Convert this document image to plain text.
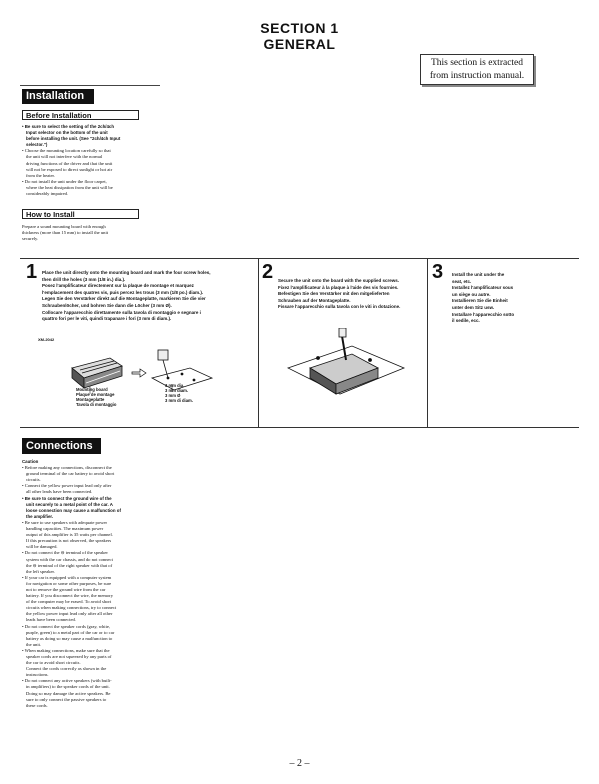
SECTION 1
GENERAL
This section is extracted
from instruction manual.
Installation
Before Installation

• Be sure to select the setting of the 2ch/4ch

Input selector on the bottom of the unit

before installing the unit. (See "2ch/4ch Input

selector.")

• Choose the mounting location carefully so that

the unit will not interfere with the normal

driving functions of the driver and that the unit

will not be exposed to direct sunlight or hot air

from the heater.

• Do not install the unit under the floor carpet,

where the heat dissipation from the unit will be

considerably impaired.

How to Install

Prepare a sound mounting board with enough

thickness (more than 15 mm) to install the unit

securely.

1 Place the unit directly onto the mounting board and mark the four screw holes,

then drill the holes (3 mm (1/8 in.) dia.).

Posez l'amplificateur directement sur la plaque de montage et marquez

l'emplacement des quatres vis, puis percez les trous (3 mm (1/8 po.) diam.).

Legen Sie den Verstärker direkt auf die Montageplatte, markieren Sie die vier

Schraubenlöcher, und bohren Sie dann die Löcher (3 mm Ø).

Collocare l'apparecchio direttamente sulla tavola di montaggio e segnare i

quattro fori per le viti, quindi trapanare i fori (3 mm di diam.).

XM-2042
Mounting board
Plaque de montage
Montageplatte
Tavola di montaggio
3 mm dia.
3 mm diam.
3 mm Ø
3 mm di diam.
2 Secure the unit onto the board with the supplied screws.

Fixez l'amplificateur à la plaque à l'aide des vis fournies.

Befestigen Sie den Verstärker mit den mitgelieferten

Schrauben auf der Montageplatte.

Fissare l'apparecchio sulla tavola con le viti in dotazione.

3 Install the unit under the

seat, etc.

Installez l'amplificateur sous

un siège ou autre.

Installieren Sie die Einheit

unter dem Sitz usw.

Installare l'apparecchio sotto

il sedile, ecc.

Connections

Caution

• Before making any connections, disconnect the

ground terminal of the car battery to avoid short

circuits.

• Connect the yellow power input lead only after

all other leads have been connected.

• Be sure to connect the ground wire of the

unit securely to a metal point of the car. A

loose connection may cause a malfunction of

the amplifier.

• Be sure to use speakers with adequate power

handling capacities. The maximum power

output of this amplifier is 35 watts per channel.

If this precaution is not observed, the speakers

will be damaged.

• Do not connect the ⊖ terminal of the speaker

system with the car chassis, and do not connect

the ⊖ terminal of the right speaker with that of

the left speaker.

• If your car is equipped with a computer system

for navigation or some other purposes, be sure

not to remove the ground wire from the car

battery. If you disconnect the wire, the memory

of the computer may be erased. To avoid short

circuits when making connections, try to connect

the yellow power input lead only after all other

leads have been connected.

• Do not connect the speaker cords (gray, white,

purple, green) to a metal part of the car or to car

battery as doing so may cause a malfunction to

the unit.

• When making connections, make sure that the

speaker cords are not squeezed by any parts of

the car to avoid short circuits.

Connect the cords correctly as shown in the

instructions.

• Do not connect any active speakers (with built-

in amplifiers) to the speaker cords of the unit.

Doing so may damage the active speakers. Be

sure to only connect the passive speakers to

these cords.

– 2 –
